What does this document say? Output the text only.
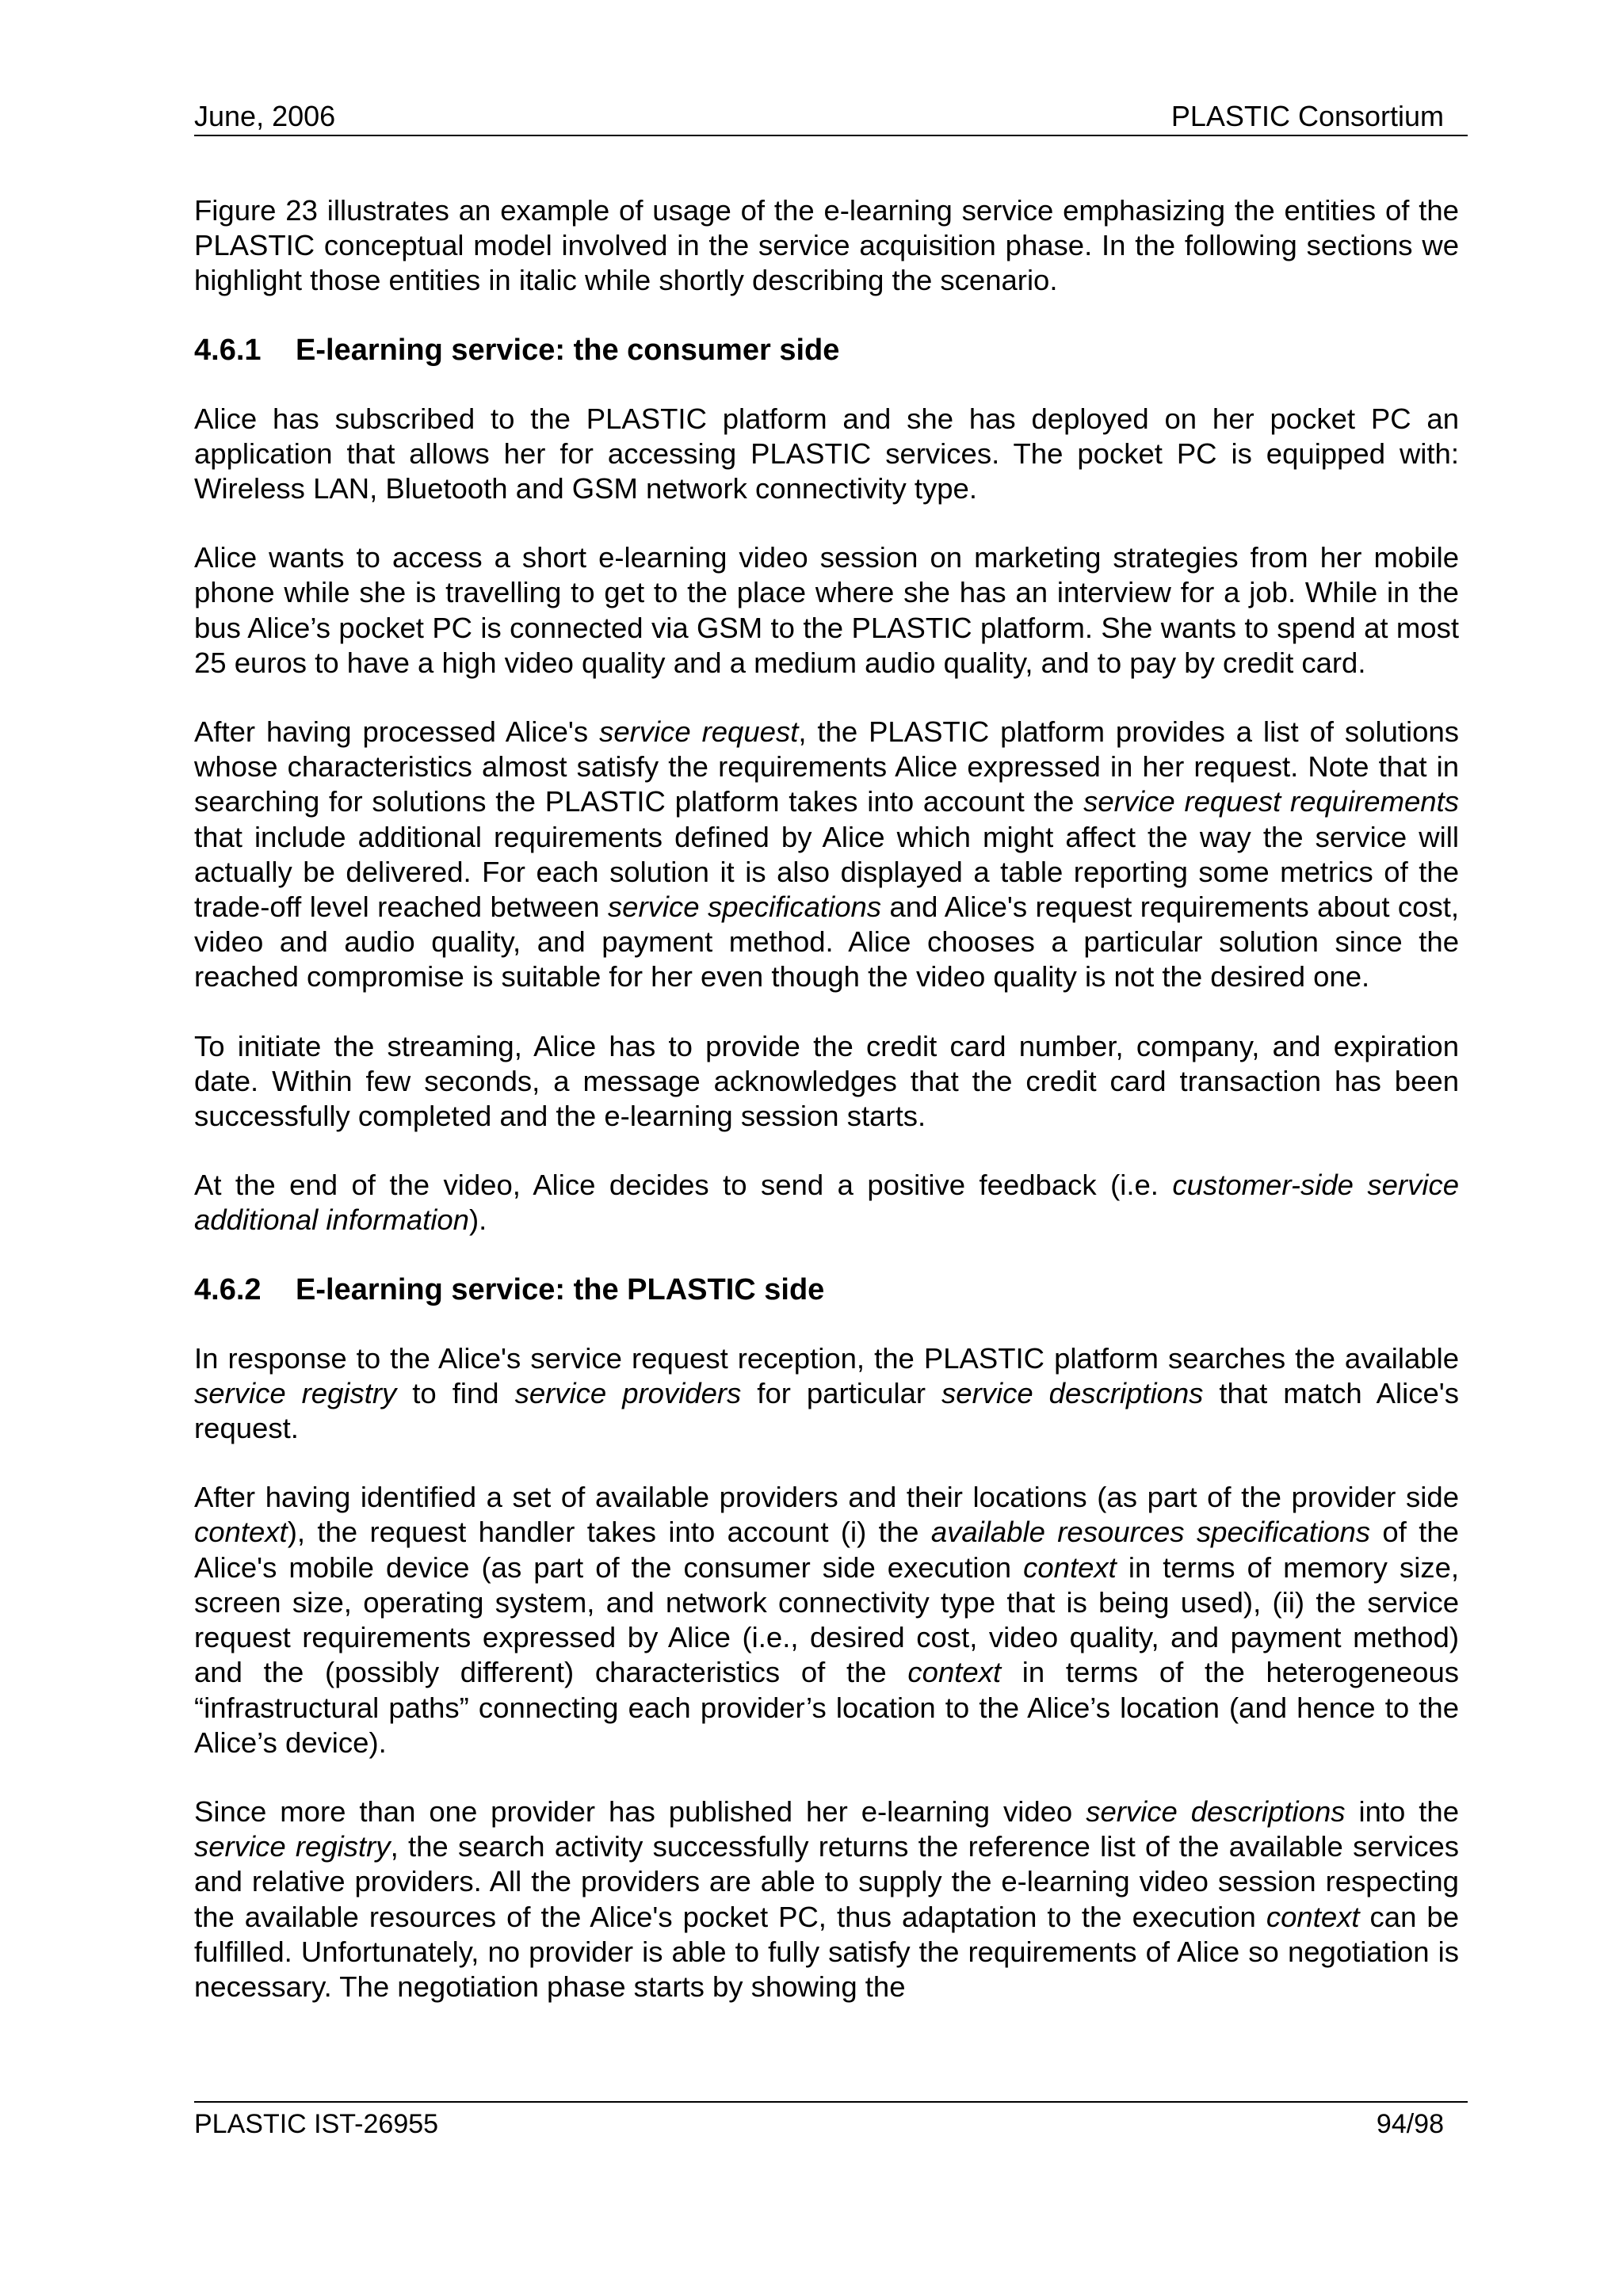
June, 2006	PLASTIC Consortium

Figure 23 illustrates an example of usage of the e-learning service emphasizing the entities of the PLASTIC conceptual model involved in the service acquisition phase. In the following sections we highlight those entities in italic while shortly describing the scenario.

4.6.1 E-learning service: the consumer side

Alice has subscribed to the PLASTIC platform and she has deployed on her pocket PC an application that allows her for accessing PLASTIC services. The pocket PC is equipped with: Wireless LAN, Bluetooth and GSM network connectivity type.

Alice wants to access a short e-learning video session on marketing strategies from her mobile phone while she is travelling to get to the place where she has an interview for a job. While in the bus Alice’s pocket PC is connected via GSM to the PLASTIC platform. She wants to spend at most 25 euros to have a high video quality and a medium audio quality, and to pay by credit card.

After having processed Alice's service request, the PLASTIC platform provides a list of solutions whose characteristics almost satisfy the requirements Alice expressed in her request. Note that in searching for solutions the PLASTIC platform takes into account the service request requirements that include additional requirements defined by Alice which might affect the way the service will actually be delivered. For each solution it is also displayed a table reporting some metrics of the trade-off level reached between service specifications and Alice's request requirements about cost, video and audio quality, and payment method. Alice chooses a particular solution since the reached compromise is suitable for her even though the video quality is not the desired one.

To initiate the streaming, Alice has to provide the credit card number, company, and expiration date. Within few seconds, a message acknowledges that the credit card transaction has been successfully completed and the e-learning session starts.

At the end of the video, Alice decides to send a positive feedback (i.e. customer-side service additional information).

4.6.2 E-learning service: the PLASTIC side

In response to the Alice's service request reception, the PLASTIC platform searches the available service registry to find service providers for particular service descriptions that match Alice's request.

After having identified a set of available providers and their locations (as part of the provider side context), the request handler takes into account (i) the available resources specifications of the Alice's mobile device (as part of the consumer side execution context in terms of memory size, screen size, operating system, and network connectivity type that is being used), (ii) the service request requirements expressed by Alice (i.e., desired cost, video quality, and payment method) and the (possibly different) characteristics of the context in terms of the heterogeneous “infrastructural paths” connecting each provider’s location to the Alice’s location (and hence to the Alice’s device).

Since more than one provider has published her e-learning video service descriptions into the service registry, the search activity successfully returns the reference list of the available services and relative providers. All the providers are able to supply the e-learning video session respecting the available resources of the Alice's pocket PC, thus adaptation to the execution context can be fulfilled. Unfortunately, no provider is able to fully satisfy the requirements of Alice so negotiation is necessary. The negotiation phase starts by showing the

PLASTIC IST-26955	94/98
